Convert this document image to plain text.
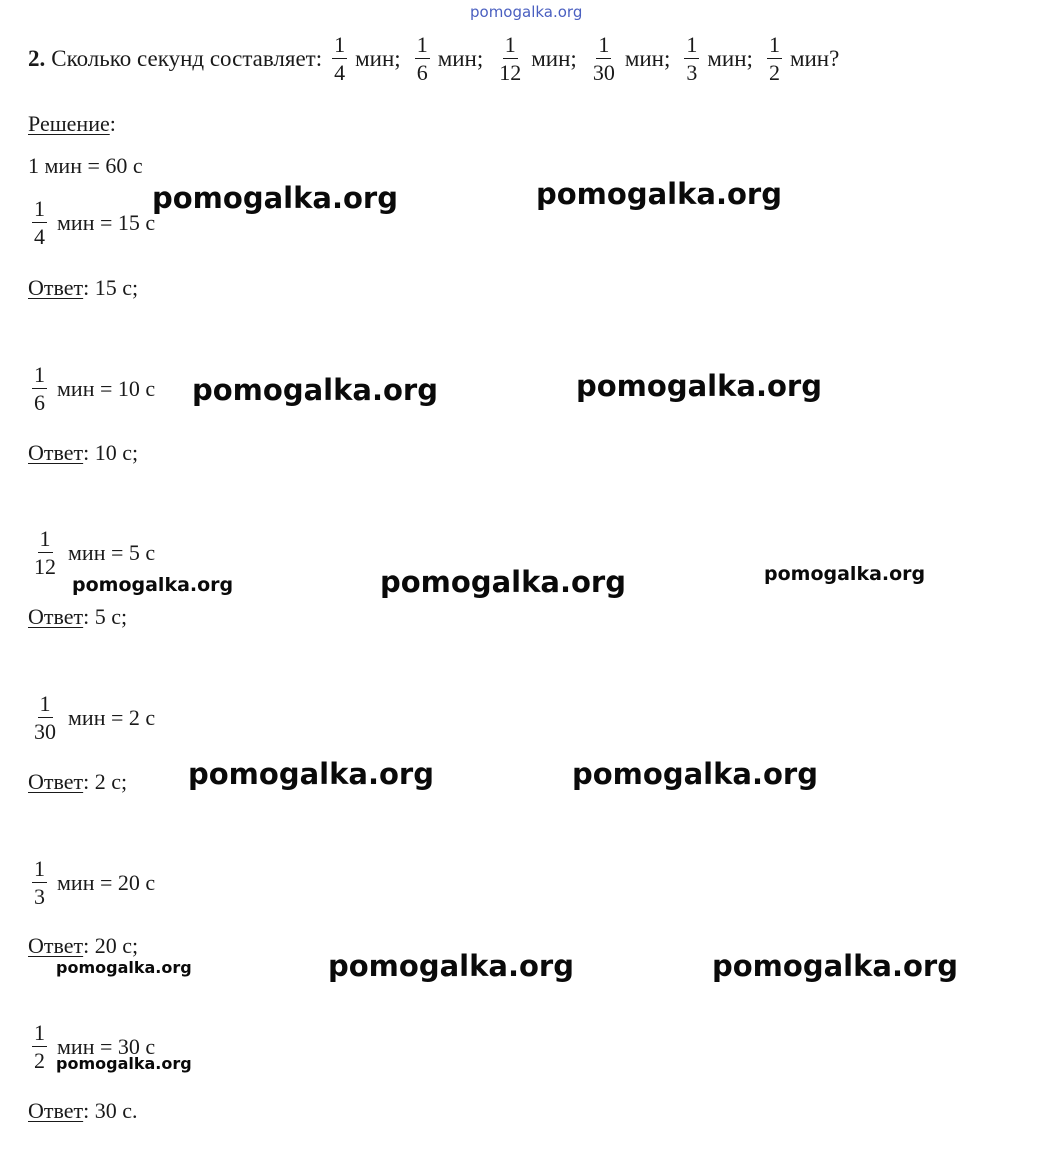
pomogalka.org
2. Сколько секунд составляет: $\frac{1}{4}$ мин; $\frac{1}{6}$ мин; $\frac{1}{12}$ мин; $\frac{1}{30}$ мин; $\frac{1}{3}$ мин; $\frac{1}{2}$ мин?
Решение:
1 мин = 60 с
$\frac{1}{4}$ мин = 15 с
Ответ: 15 с;
$\frac{1}{6}$ мин = 10 с
Ответ: 10 с;
$\frac{1}{12}$ мин = 5 с
Ответ: 5 с;
$\frac{1}{30}$ мин = 2 с
Ответ: 2 с;
$\frac{1}{3}$ мин = 20 с
Ответ: 20 с;
$\frac{1}{2}$ мин = 30 с
Ответ: 30 с.
pomogalka.org	pomogalka.org
pomogalka.org	pomogalka.org
pomogalka.org	pomogalka.org	pomogalka.org
pomogalka.org	pomogalka.org
pomogalka.org	pomogalka.org	pomogalka.org
pomogalka.org
